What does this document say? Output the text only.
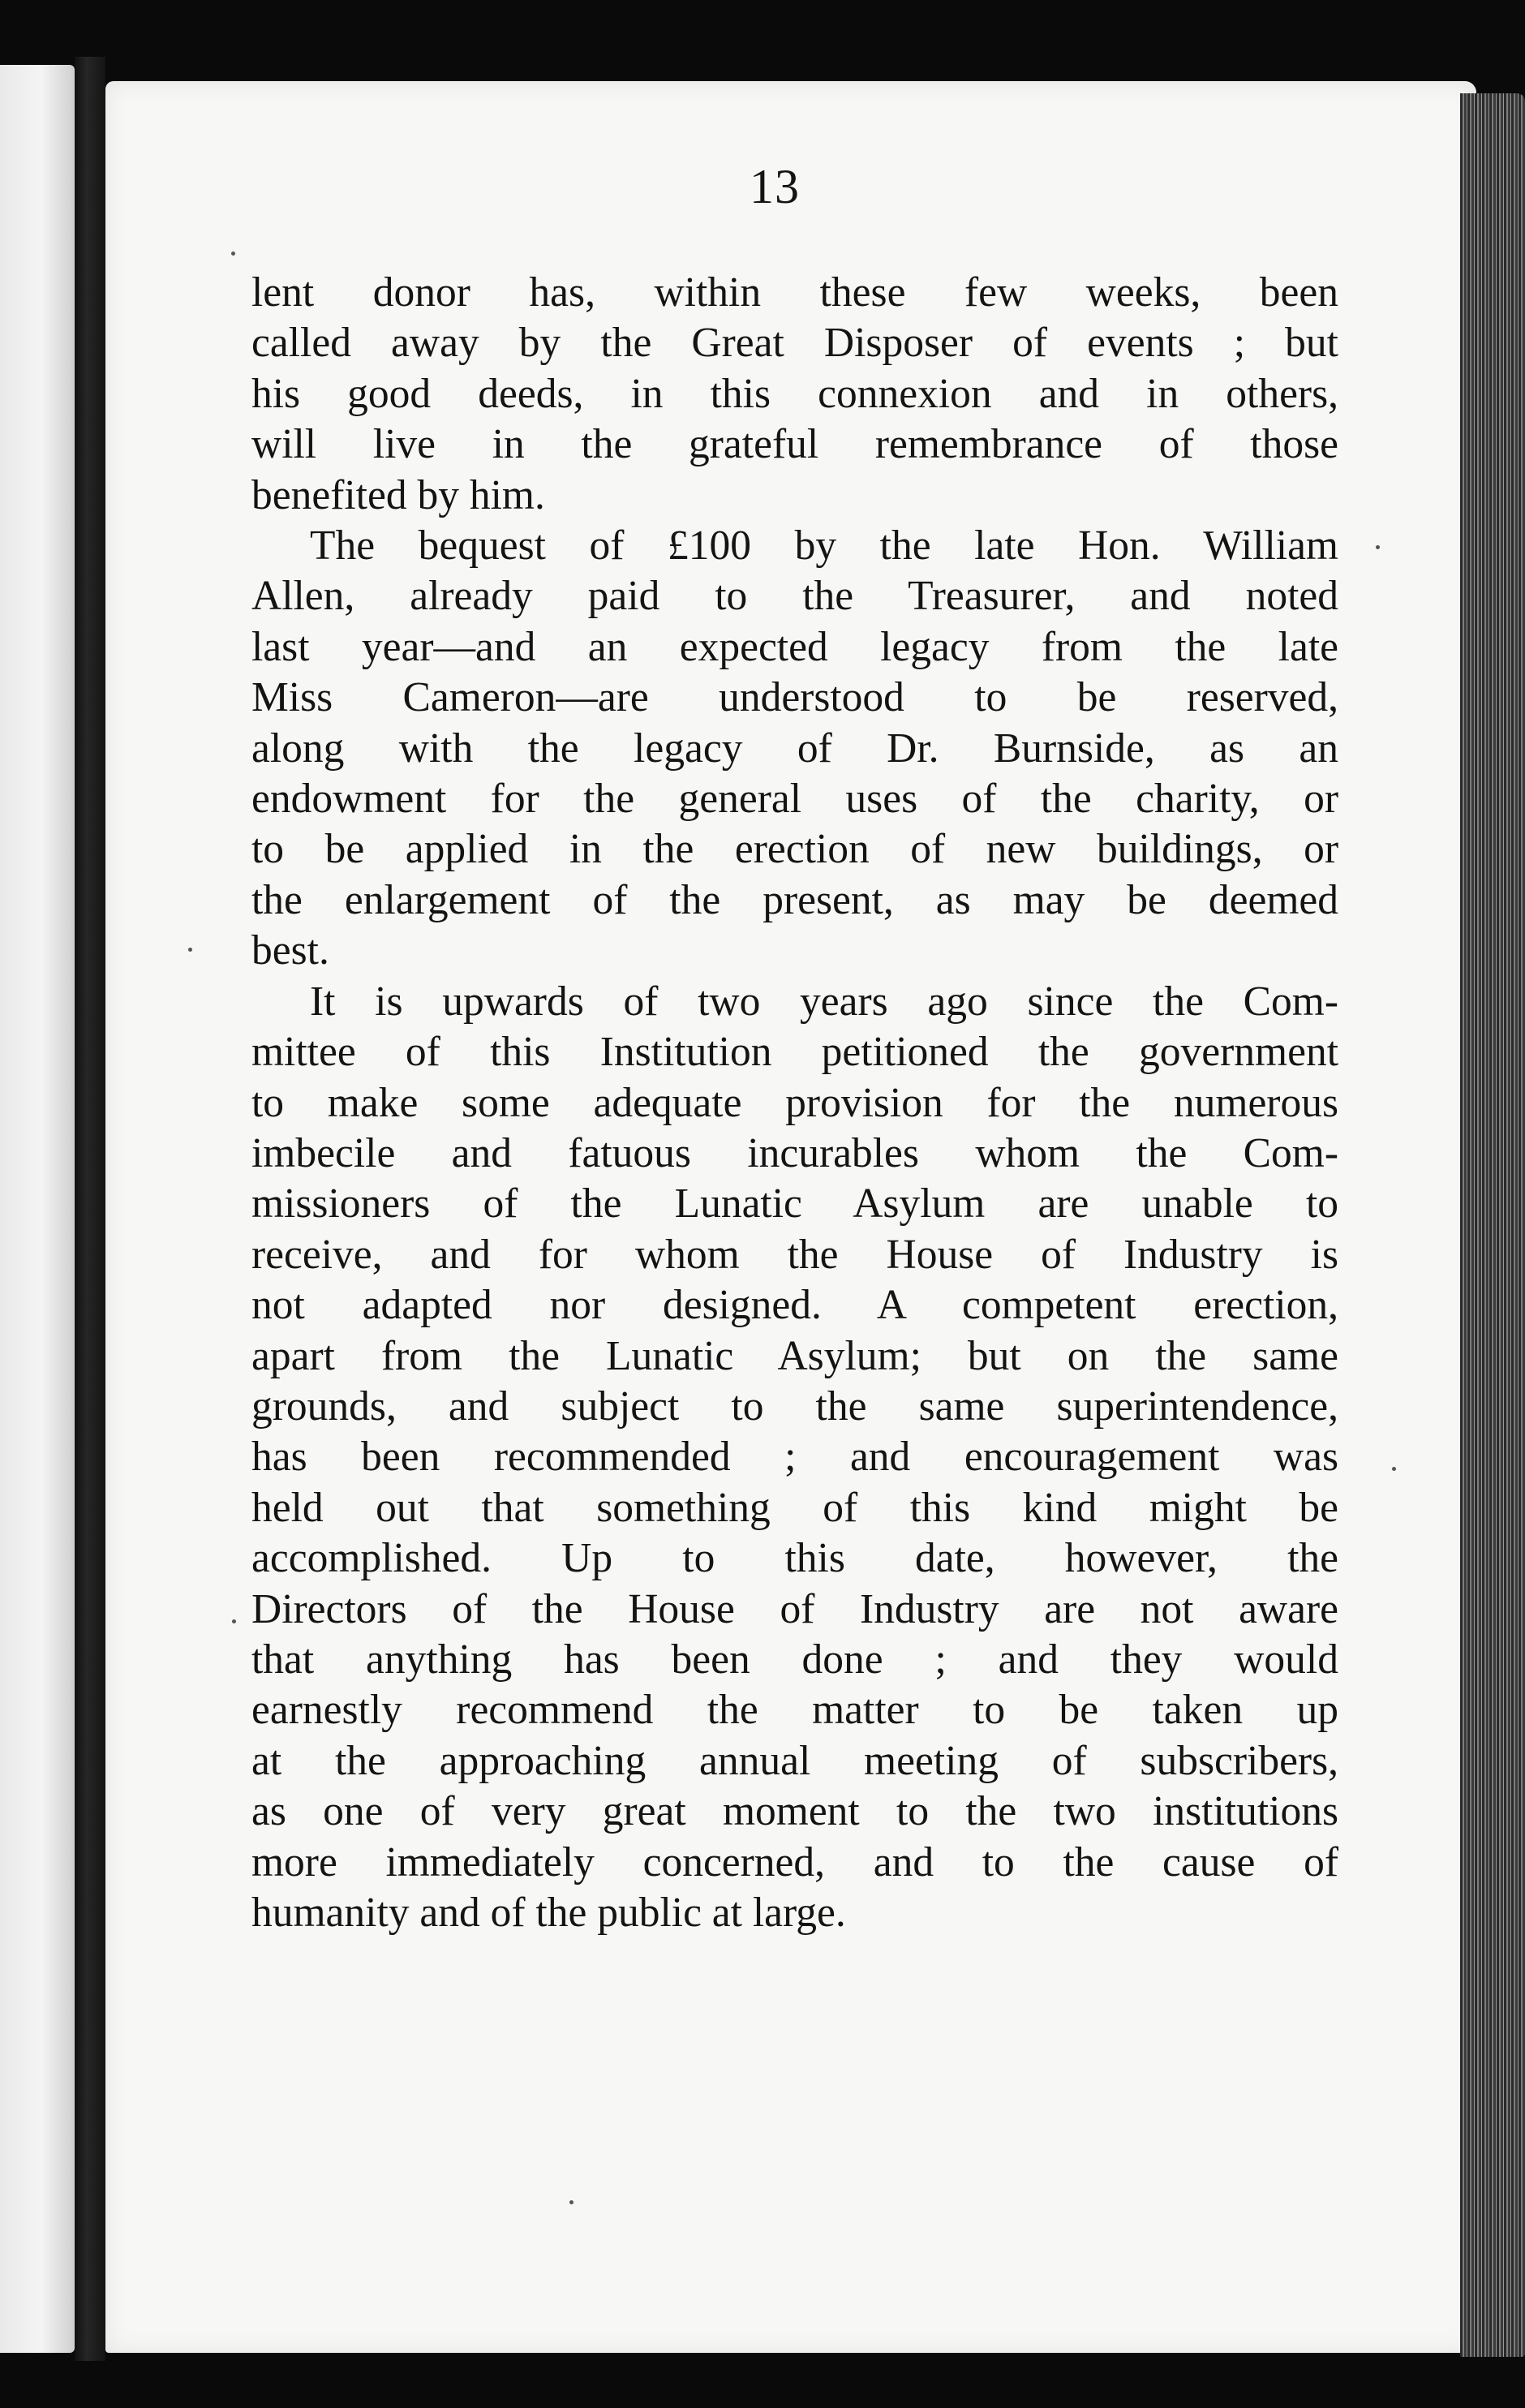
13

lent donor has, within these few weeks, been
called away by the Great Disposer of events ; but
his good deeds, in this connexion and in others,
will live in the grateful remembrance of those
benefited by him.

The bequest of £100 by the late Hon. William
Allen, already paid to the Treasurer, and noted
last year—and an expected legacy from the late
Miss Cameron—are understood to be reserved,
along with the legacy of Dr. Burnside, as an
endowment for the general uses of the charity, or
to be applied in the erection of new buildings, or
the enlargement of the present, as may be deemed
best.

It is upwards of two years ago since the Com-
mittee of this Institution petitioned the government
to make some adequate provision for the numerous
imbecile and fatuous incurables whom the Com-
missioners of the Lunatic Asylum are unable to
receive, and for whom the House of Industry is
not adapted nor designed. A competent erection,
apart from the Lunatic Asylum; but on the same
grounds, and subject to the same superintendence,
has been recommended ; and encouragement was
held out that something of this kind might be
accomplished. Up to this date, however, the
Directors of the House of Industry are not aware
that anything has been done ; and they would
earnestly recommend the matter to be taken up
at the approaching annual meeting of subscribers,
as one of very great moment to the two institutions
more immediately concerned, and to the cause of
humanity and of the public at large.
